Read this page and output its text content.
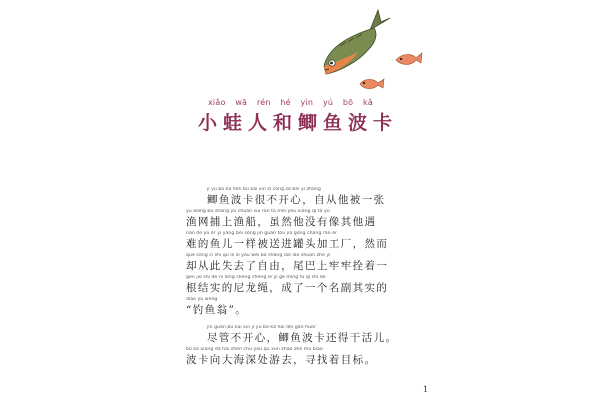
xiǎo wā rén hé yìn yú bō kǎ
小蛙人和鲫鱼波卡
jì yú bō kǎ hěn bù kāi xīn zì cóng zǒ bèi yì zhāng
鲫鱼波卡很不开心，自从他被一张
yú wǎng bǔ shàng yú chuán suī rán tā méi yǒu xiàng qí tā yù
渔网捕上渔船，虽然他没有像其他遇
nàn de yú ér yí yàng bèi sòng jìn guàn tóu jiā gōng chǎng rán ér
难的鱼儿一样被送进罐头加工厂，然而
què cóng cǐ shī qù le zì yóu wěi ba shàng láo láo shuān zhe yì
却从此失去了自由，尾巴上牢牢拴着一
gēn jiē shi de ní lóng shéng chéng le yí gè míng fù qí shí de
根结实的尼龙绳，成了一个名副其实的
diào yú wēng
“钓鱼翁”。
jǐn guǎn bù kāi xīn jì yú bō kǎ hái děi gàn huór
尽管不开心，鲫鱼波卡还得干活儿。
bō kǎ xiàng dà hǎi shēn chù yóu qù xún zhǎo zhe mù biāo
波卡向大海深处游去，寻找着目标。
1
